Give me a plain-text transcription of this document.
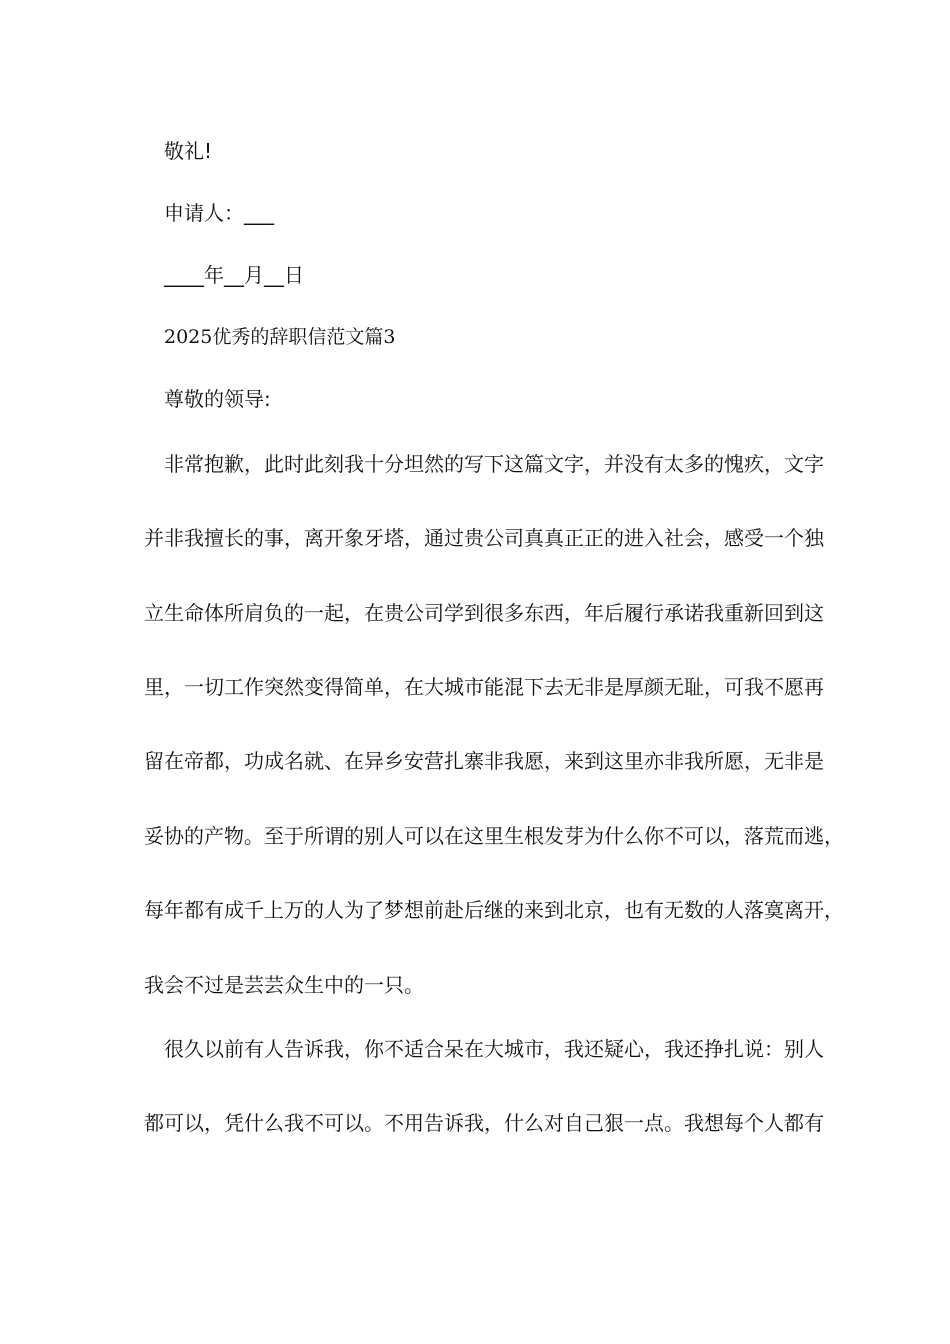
敬礼!
申请人：___
____年__月__日
2025优秀的辞职信范文篇3
尊敬的领导:
非常抱歉，此时此刻我十分坦然的写下这篇文字，并没有太多的愧疚，文字
并非我擅长的事，离开象牙塔，通过贵公司真真正正的进入社会，感受一个独
立生命体所肩负的一起，在贵公司学到很多东西，年后履行承诺我重新回到这
里，一切工作突然变得简单，在大城市能混下去无非是厚颜无耻，可我不愿再
留在帝都，功成名就、在异乡安营扎寨非我愿，来到这里亦非我所愿，无非是
妥协的产物。至于所谓的别人可以在这里生根发芽为什么你不可以，落荒而逃，
每年都有成千上万的人为了梦想前赴后继的来到北京，也有无数的人落寞离开，
我会不过是芸芸众生中的一只。
很久以前有人告诉我，你不适合呆在大城市，我还疑心，我还挣扎说：别人
都可以，凭什么我不可以。不用告诉我，什么对自己狠一点。我想每个人都有
